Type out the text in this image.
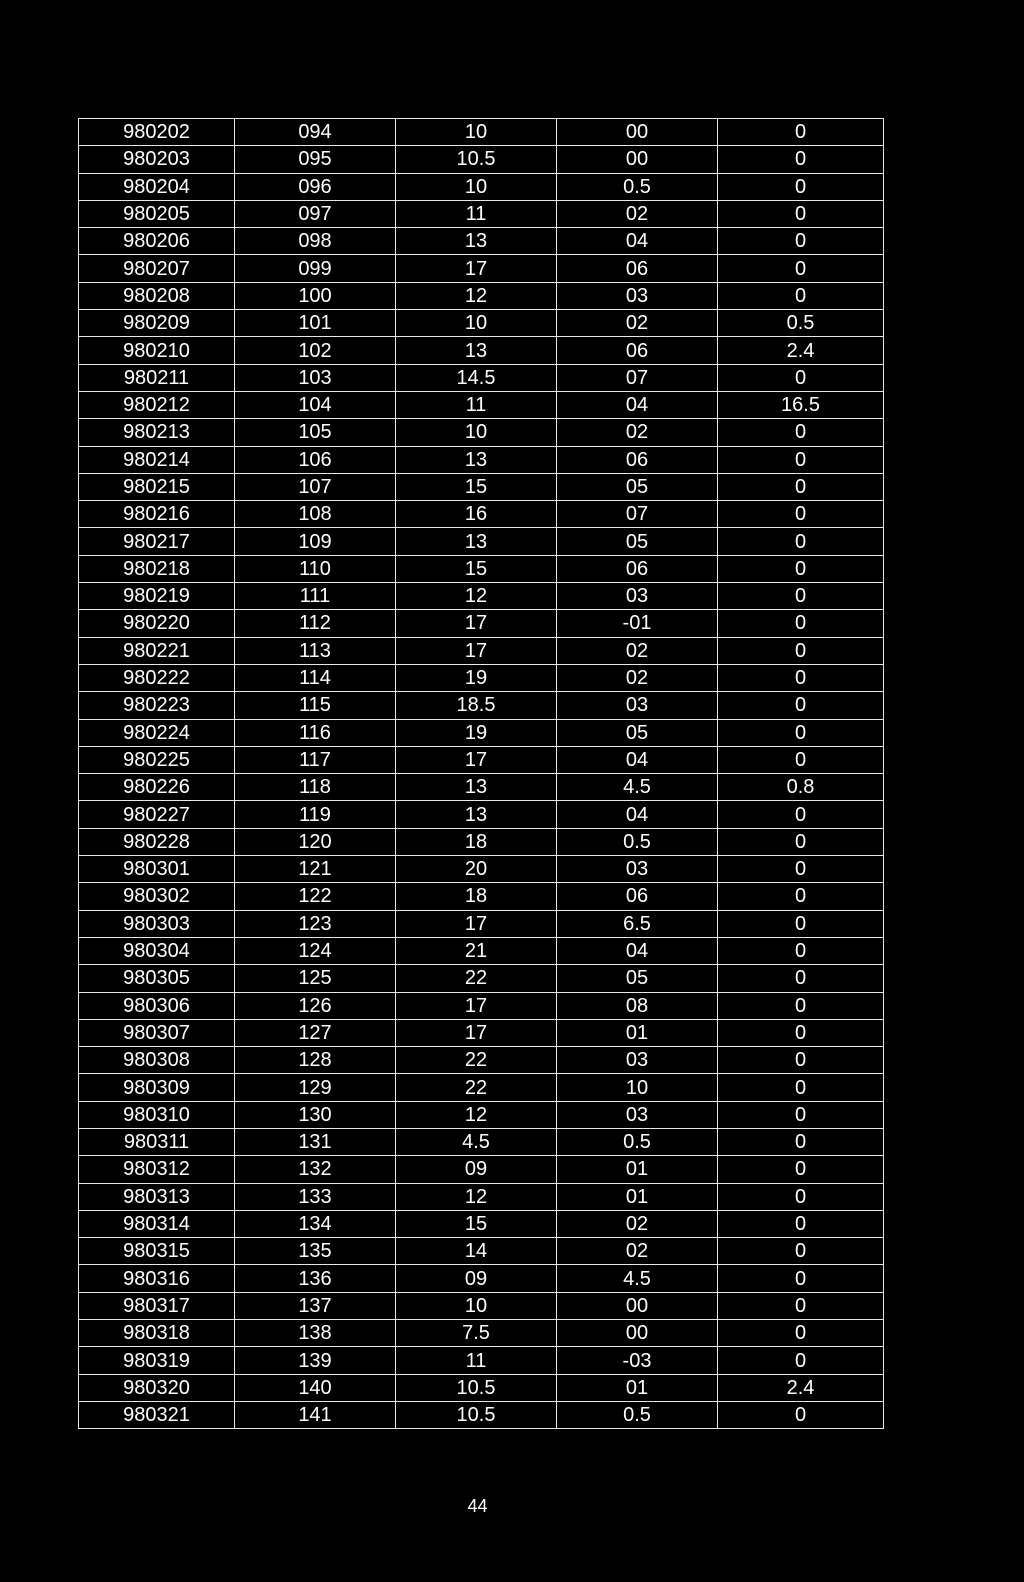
980202	094	10	00	0
980203	095	10.5	00	0
980204	096	10	0.5	0
980205	097	11	02	0
980206	098	13	04	0
980207	099	17	06	0
980208	100	12	03	0
980209	101	10	02	0.5
980210	102	13	06	2.4
980211	103	14.5	07	0
980212	104	11	04	16.5
980213	105	10	02	0
980214	106	13	06	0
980215	107	15	05	0
980216	108	16	07	0
980217	109	13	05	0
980218	110	15	06	0
980219	111	12	03	0
980220	112	17	-01	0
980221	113	17	02	0
980222	114	19	02	0
980223	115	18.5	03	0
980224	116	19	05	0
980225	117	17	04	0
980226	118	13	4.5	0.8
980227	119	13	04	0
980228	120	18	0.5	0
980301	121	20	03	0
980302	122	18	06	0
980303	123	17	6.5	0
980304	124	21	04	0
980305	125	22	05	0
980306	126	17	08	0
980307	127	17	01	0
980308	128	22	03	0
980309	129	22	10	0
980310	130	12	03	0
980311	131	4.5	0.5	0
980312	132	09	01	0
980313	133	12	01	0
980314	134	15	02	0
980315	135	14	02	0
980316	136	09	4.5	0
980317	137	10	00	0
980318	138	7.5	00	0
980319	139	11	-03	0
980320	140	10.5	01	2.4
980321	141	10.5	0.5	0
44
